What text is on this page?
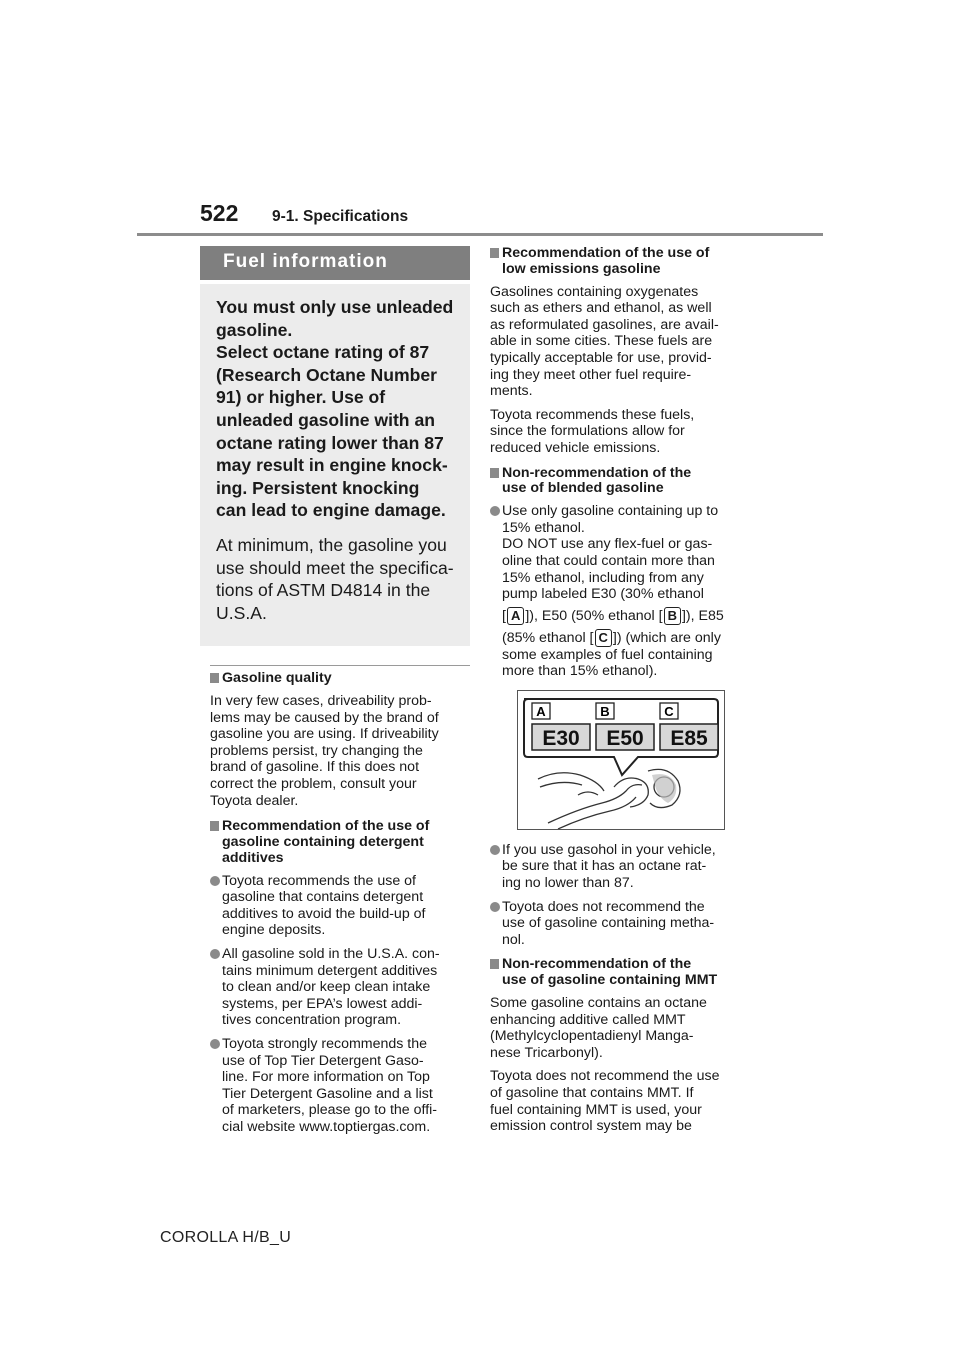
522 9-1. Specifications
Fuel information

You must only use unleaded
gasoline.
Select octane rating of 87
(Research Octane Number
91) or higher. Use of
unleaded gasoline with an
octane rating lower than 87
may result in engine knock-
ing. Persistent knocking
can lead to engine damage.

At minimum, the gasoline you
use should meet the specifica-
tions of ASTM D4814 in the
U.S.A.

Gasoline quality

In very few cases, driveability prob-
lems may be caused by the brand of
gasoline you are using. If driveability
problems persist, try changing the
brand of gasoline. If this does not
correct the problem, consult your
Toyota dealer.

Recommendation of the use of
gasoline containing detergent
additives
Toyota recommends the use of
gasoline that contains detergent
additives to avoid the build-up of
engine deposits.
All gasoline sold in the U.S.A. con-
tains minimum detergent additives
to clean and/or keep clean intake
systems, per EPA’s lowest addi-
tives concentration program.
Toyota strongly recommends the
use of Top Tier Detergent Gaso-
line. For more information on Top
Tier Detergent Gasoline and a list
of marketers, please go to the offi-
cial website www.toptiergas.com.
Recommendation of the use of
low emissions gasoline

Gasolines containing oxygenates
such as ethers and ethanol, as well
as reformulated gasolines, are avail-
able in some cities. These fuels are
typically acceptable for use, provid-
ing they meet other fuel require-
ments.

Toyota recommends these fuels,
since the formulations allow for
reduced vehicle emissions.

Non-recommendation of the
use of blended gasoline
Use only gasoline containing up to
15% ethanol.
DO NOT use any flex-fuel or gas-
oline that could contain more than
15% ethanol, including from any
pump labeled E30 (30% ethanol
[ A ]), E50 (50% ethanol [ B ]), E85
(85% ethanol [ C ]) (which are only
some examples of fuel containing
more than 15% ethanol).
A	B	C
E30 E50 E85
If you use gasohol in your vehicle,
be sure that it has an octane rat-
ing no lower than 87.
Toyota does not recommend the
use of gasoline containing metha-
nol.
Non-recommendation of the
use of gasoline containing MMT

Some gasoline contains an octane
enhancing additive called MMT
(Methylcyclopentadienyl Manga-
nese Tricarbonyl).

Toyota does not recommend the use
of gasoline that contains MMT. If
fuel containing MMT is used, your
emission control system may be

COROLLA H/B_U
